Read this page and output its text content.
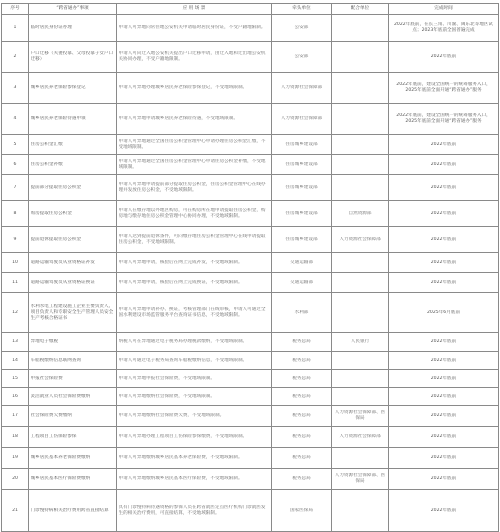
序号	“跨省通办”事项	应 用 场 景	牵头单位	配合单位	完成时间

1	临时居民身份证办理	申请人可异地向常住地公安机关申请临时居民身份证，不受户籍地限制。	公安部		2022年底前，在长三角、川渝、闽东北等地区试点；2023年底前全国普遍完成

2	户口迁移（夫妻投靠、父母投靠子女户口迁移）	申请人可向迁入地公安机关提出户口迁移申请，由迁入地和迁出地公安机关协同办理，不受户籍地限制。	公安部		2022年底前

3	城乡居民养老保险参保登记	申请人可异地办理城乡居民养老保险参保登记，不受地域限制。	人力资源社会保障部		2022年底前，建设全国统一的统筹服务入口，2025年底前全面开通“跨省通办”服务

4	城乡居民养老保险待遇申领	申请人可异地申请城乡居民养老保险待遇，不受地域限制。	人力资源社会保障部		2022年底前，建设全国统一的统筹服务入口，2025年底前全面开通“跨省通办”服务

5	住房公积金汇缴	申请人可异地通过全国住房公积金管理中心申请办理住房公积金汇缴，不受地域限制。	住房城乡建设部		2022年底前

6	住房公积金补缴	申请人可异地通过全国住房公积金管理中心申请住房公积金补缴，不受地域限制。	住房城乡建设部		2022年底前

7	提前部分提取住房公积金	申请人可异地申请提前部分提取住房公积金，住房公积金管理中心在线办理并发放住房公积金，不受地域限制。	住房城乡建设部		2022年底前

8	购房提取住房公积金	申请人在缴存地以外地区购房，可在购房所在地申请提取住房公积金，购房地与缴存地住房公积金管理中心协同办理，不受地域限制。	住房城乡建设部	自然资源部	2022年底前

9	提前退休提取住房公积金	申请人达到提前退休条件，可向缴存地住房公积金管理中心在线申请提取住房公积金，不受地域限制。	住房城乡建设部	人力资源社会保障部	2022年底前

10	道路运输驾驶员从业资格证补发	申请人可异地申请，核验后在网上完成补发，不受地域限制。	交通运输部		2022年底前

11	道路运输驾驶员从业资格证换证	申请人可异地申请，核验后在网上完成换证，不受地域限制。	交通运输部		2022年底前

12	水利水电工程建设施工企业主要负责人、项目负责人和专职安全生产管理人员安全生产考核合格证书	申请人可异地申请补办、换证，考核管理部门在线审核，申请人可通过全国水利建设市场监管服务平台查询证书信息，不受地域限制。	水利部		2025年6月底前

13	异地电子缴税	纳税人可在异地通过电子税务局办理税款缴纳，不受地域限制。	税务总局	人民银行	2022年底前

14	车船税缴纳信息联网查询	申请人可通过电子税务局查询车船税缴纳信息，不受地域限制。	税务总局		2022年底前

15	申报社会保险费	申请人可异地申报社会保险费，不受地域限制。	税务总局		2022年底前

16	灵活就业人员社会保险费缴纳	申请人可异地缴纳社会保险费，不受地域限制。	税务总局		2022年底前

17	社会保险费欠费缴纳	申请人可异地缴纳社会保险费欠费，不受地域限制。	税务总局	人力资源社会保障部、医保局	2022年底前

18	工程项目工伤保险参保	申请人可异地办理工程项目工伤保险参保缴费，不受地域限制。	税务总局	人力资源社会保障部	2022年底前

19	城乡居民基本养老保险费缴纳	申请人可异地缴纳城乡居民基本养老保险费，不受地域限制。	税务总局		2022年底前

20	城乡居民基本医疗保险费缴纳	申请人可异地缴纳城乡居民基本医疗保险费，不受地域限制。	税务总局	人力资源社会保障部、医保局	2022年底前

21	门诊慢特病相关治疗费用跨省直接结算	具有门诊慢特病待遇资格的参保人员在跨省就医定点医疗机构门诊就医发生的相关治疗费用，可直接结算，不受地域限制。	国家医保局		2022年底前
